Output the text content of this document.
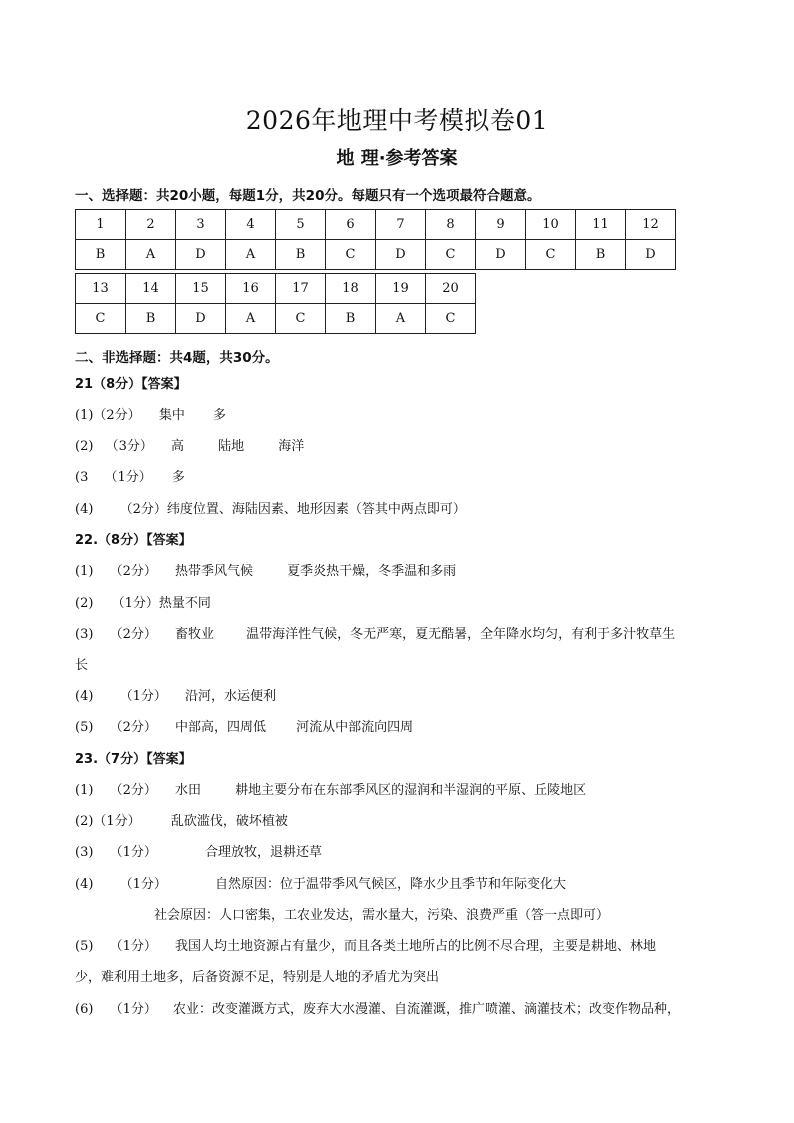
2026年地理中考模拟卷01
地 理·参考答案
一、选择题：共20小题，每题1分，共20分。每题只有一个选项最符合题意。
1	2	3	4	5	6	7	8	9	10	11	12
B	A	D	A	B	C	D	C	D	C	B	D
13	14	15	16	17	18	19	20
C	B	D	A	C	B	A	C
二、非选择题：共4题，共30分。
21（8分）【答案】
(1)（2分） 集中 多
(2) （3分） 高	陆地	海洋
(3 （1分） 多
(4) （2分）纬度位置、海陆因素、地形因素（答其中两点即可）
22.（8分）【答案】
(1) （2分） 热带季风气候	夏季炎热干燥，冬季温和多雨
(2) （1分）热量不同
(3) （2分） 畜牧业 温带海洋性气候，冬无严寒，夏无酷暑，全年降水均匀，有利于多汁牧草生
长
(4) （1分） 沿河，水运便利
(5) （2分） 中部高，四周低 河流从中部流向四周
23.（7分）【答案】
(1) （2分） 水田	耕地主要分布在东部季风区的湿润和半湿润的平原、丘陵地区
(2)（1分） 乱砍滥伐，破坏植被
(3) （1分）	合理放牧，退耕还草
(4) （1分）	自然原因：位于温带季风气候区，降水少且季节和年际变化大
社会原因：人口密集，工农业发达，需水量大，污染、浪费严重（答一点即可）
(5) （1分） 我国人均土地资源占有量少，而且各类土地所占的比例不尽合理，主要是耕地、林地
少，难利用土地多，后备资源不足，特别是人地的矛盾尤为突出
(6) （1分） 农业：改变灌溉方式，废弃大水漫灌、自流灌溉，推广喷灌、滴灌技术；改变作物品种，
